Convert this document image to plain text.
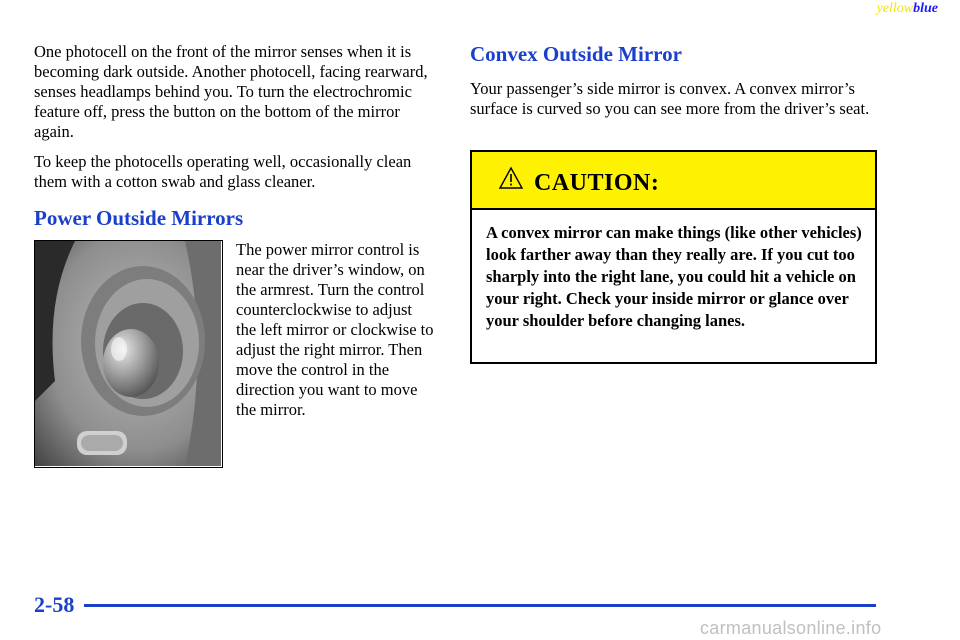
yellowblue

One photocell on the front of the mirror senses when it is becoming dark outside. Another photocell, facing rearward, senses headlamps behind you. To turn the electrochromic feature off, press the button on the bottom of the mirror again.

To keep the photocells operating well, occasionally clean them with a cotton swab and glass cleaner.

Power Outside Mirrors

The power mirror control is near the driver’s window, on the armrest. Turn the control counterclockwise to adjust the left mirror or clockwise to adjust the right mirror. Then move the control in the direction you want to move the mirror.

Convex Outside Mirror

Your passenger’s side mirror is convex. A convex mirror’s surface is curved so you can see more from the driver’s seat.

CAUTION:

A convex mirror can make things (like other vehicles) look farther away than they really are. If you cut too sharply into the right lane, you could hit a vehicle on your right. Check your inside mirror or glance over your shoulder before changing lanes.

2-58
carmanualsonline.info
